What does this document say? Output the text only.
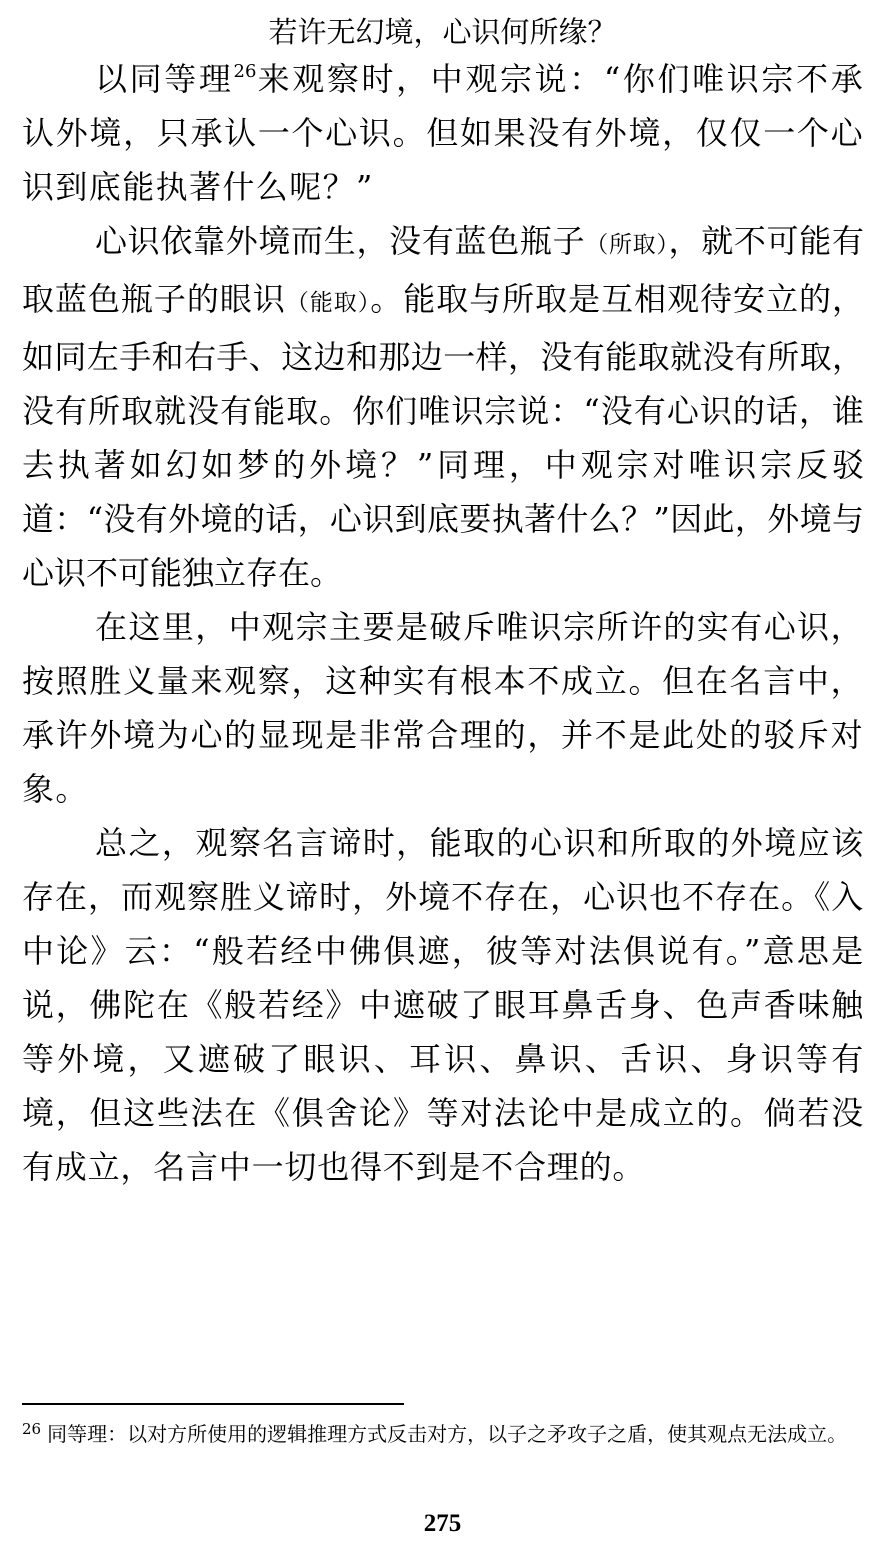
若许无幻境，心识何所缘？

以同等理$^{26}$来观察时，中观宗说：“你们唯识宗不承认外境，只承认一个心识。但如果没有外境，仅仅一个心识到底能执著什么呢？”

心识依靠外境而生，没有蓝色瓶子（所取），就不可能有取蓝色瓶子的眼识（能取）。能取与所取是互相观待安立的，如同左手和右手、这边和那边一样，没有能取就没有所取，没有所取就没有能取。你们唯识宗说：“没有心识的话，谁去执著如幻如梦的外境？”同理，中观宗对唯识宗反驳道：“没有外境的话，心识到底要执著什么？”因此，外境与心识不可能独立存在。

在这里，中观宗主要是破斥唯识宗所许的实有心识，按照胜义量来观察，这种实有根本不成立。但在名言中，承许外境为心的显现是非常合理的，并不是此处的驳斥对象。

总之，观察名言谛时，能取的心识和所取的外境应该存在，而观察胜义谛时，外境不存在，心识也不存在。《入中论》云：“般若经中佛俱遮，彼等对法俱说有。”意思是说，佛陀在《般若经》中遮破了眼耳鼻舌身、色声香味触等外境，又遮破了眼识、耳识、鼻识、舌识、身识等有境，但这些法在《俱舍论》等对法论中是成立的。倘若没有成立，名言中一切也得不到是不合理的。

$^{26}$ 同等理：以对方所使用的逻辑推理方式反击对方，以子之矛攻子之盾，使其观点无法成立。

275
